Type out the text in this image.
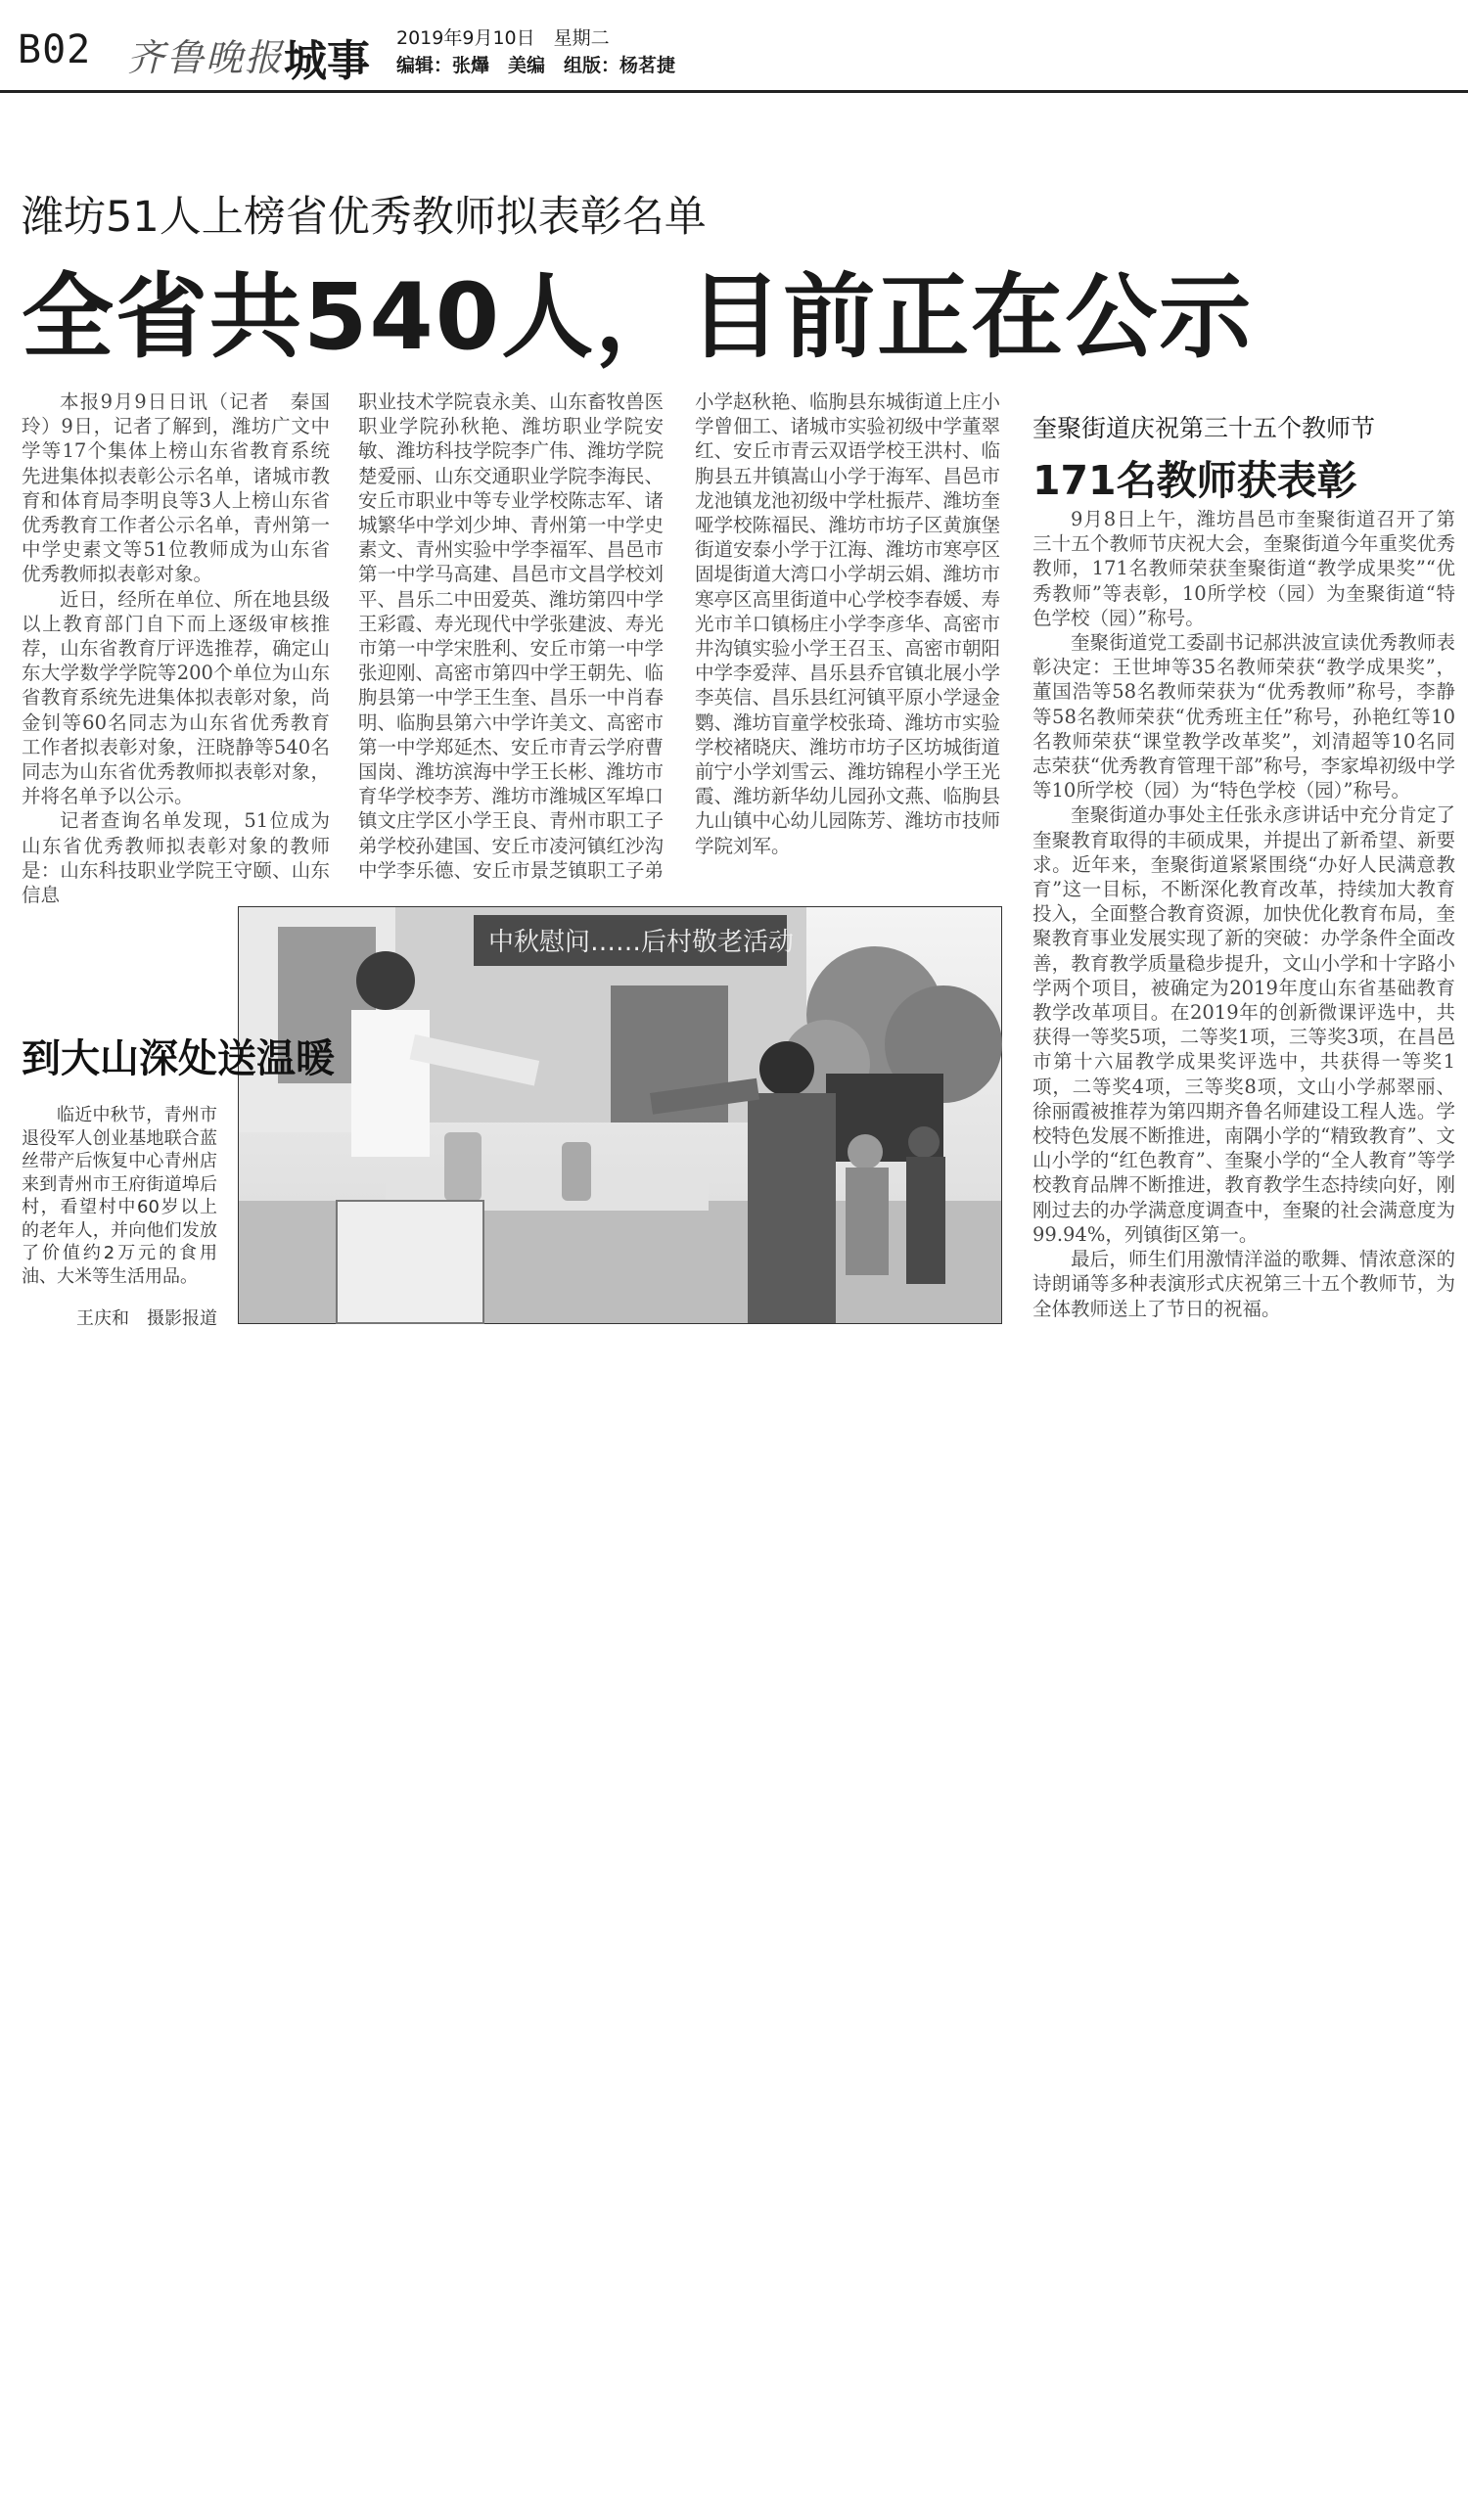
B02 齐鲁晚报 城事 2019年9月10日　星期二
编辑：张爗　美编　组版：杨茗捷
潍坊51人上榜省优秀教师拟表彰名单
全省共540人，目前正在公示

本报9月9日日讯（记者　秦国玲）9日，记者了解到，潍坊广文中学等17个集体上榜山东省教育系统先进集体拟表彰公示名单，诸城市教育和体育局李明良等3人上榜山东省优秀教育工作者公示名单，青州第一中学史素文等51位教师成为山东省优秀教师拟表彰对象。

近日，经所在单位、所在地县级以上教育部门自下而上逐级审核推荐，山东省教育厅评选推荐，确定山东大学数学学院等200个单位为山东省教育系统先进集体拟表彰对象，尚金钊等60名同志为山东省优秀教育工作者拟表彰对象，汪晓静等540名同志为山东省优秀教师拟表彰对象，并将名单予以公示。

记者查询名单发现，51位成为山东省优秀教师拟表彰对象的教师是：山东科技职业学院王守颐、山东信息

职业技术学院袁永美、山东畜牧兽医职业学院孙秋艳、潍坊职业学院安敏、潍坊科技学院李广伟、潍坊学院楚爱丽、山东交通职业学院李海民、安丘市职业中等专业学校陈志军、诸城繁华中学刘少坤、青州第一中学史素文、青州实验中学李福军、昌邑市第一中学马高建、昌邑市文昌学校刘平、昌乐二中田爱英、潍坊第四中学王彩霞、寿光现代中学张建波、寿光市第一中学宋胜利、安丘市第一中学张迎刚、高密市第四中学王朝先、临朐县第一中学王生奎、昌乐一中肖春明、临朐县第六中学许美文、高密市第一中学郑延杰、安丘市青云学府曹国岗、潍坊滨海中学王长彬、潍坊市育华学校李芳、潍坊市潍城区军埠口镇文庄学区小学王良、青州市职工子弟学校孙建国、安丘市凌河镇红沙沟中学李乐德、安丘市景芝镇职工子弟

小学赵秋艳、临朐县东城街道上庄小学曾佃工、诸城市实验初级中学董翠红、安丘市青云双语学校王洪村、临朐县五井镇嵩山小学于海军、昌邑市龙池镇龙池初级中学杜振芹、潍坊奎哑学校陈福民、潍坊市坊子区黄旗堡街道安泰小学于江海、潍坊市寒亭区固堤街道大湾口小学胡云娟、潍坊市寒亭区高里街道中心学校李春媛、寿光市羊口镇杨庄小学李彦华、高密市井沟镇实验小学王召玉、高密市朝阳中学李爱萍、昌乐县乔官镇北展小学李英信、昌乐县红河镇平原小学逯金鹦、潍坊盲童学校张琦、潍坊市实验学校褚晓庆、潍坊市坊子区坊城街道前宁小学刘雪云、潍坊锦程小学王光霞、潍坊新华幼儿园孙文燕、临朐县九山镇中心幼儿园陈芳、潍坊市技师学院刘军。

奎聚街道庆祝第三十五个教师节
171名教师获表彰

9月8日上午，潍坊昌邑市奎聚街道召开了第三十五个教师节庆祝大会，奎聚街道今年重奖优秀教师，171名教师荣获奎聚街道“教学成果奖”“优秀教师”等表彰，10所学校（园）为奎聚街道“特色学校（园）”称号。

奎聚街道党工委副书记郝洪波宣读优秀教师表彰决定：王世坤等35名教师荣获“教学成果奖”，董国浩等58名教师荣获为“优秀教师”称号，李静等58名教师荣获“优秀班主任”称号，孙艳红等10名教师荣获“课堂教学改革奖”，刘清超等10名同志荣获“优秀教育管理干部”称号，李家埠初级中学等10所学校（园）为“特色学校（园）”称号。

奎聚街道办事处主任张永彦讲话中充分肯定了奎聚教育取得的丰硕成果，并提出了新希望、新要求。近年来，奎聚街道紧紧围绕“办好人民满意教育”这一目标，不断深化教育改革，持续加大教育投入，全面整合教育资源，加快优化教育布局，奎聚教育事业发展实现了新的突破：办学条件全面改善，教育教学质量稳步提升，文山小学和十字路小学两个项目，被确定为2019年度山东省基础教育教学改革项目。在2019年的创新微课评选中，共获得一等奖5项，二等奖1项，三等奖3项，在昌邑市第十六届教学成果奖评选中，共获得一等奖1项，二等奖4项，三等奖8项，文山小学郝翠丽、徐丽霞被推荐为第四期齐鲁名师建设工程人选。学校特色发展不断推进，南隅小学的“精致教育”、文山小学的“红色教育”、奎聚小学的“全人教育”等学校教育品牌不断推进，教育教学生态持续向好，刚刚过去的办学满意度调查中，奎聚的社会满意度为99.94%，列镇街区第一。

最后，师生们用激情洋溢的歌舞、情浓意深的诗朗诵等多种表演形式庆祝第三十五个教师节，为全体教师送上了节日的祝福。

中秋慰问……后村敬老活动
到大山深处送温暖

临近中秋节，青州市退役军人创业基地联合蓝丝带产后恢复中心青州店来到青州市王府街道埠后村，看望村中60岁以上的老年人，并向他们发放了价值约2万元的食用油、大米等生活用品。

王庆和　摄影报道
